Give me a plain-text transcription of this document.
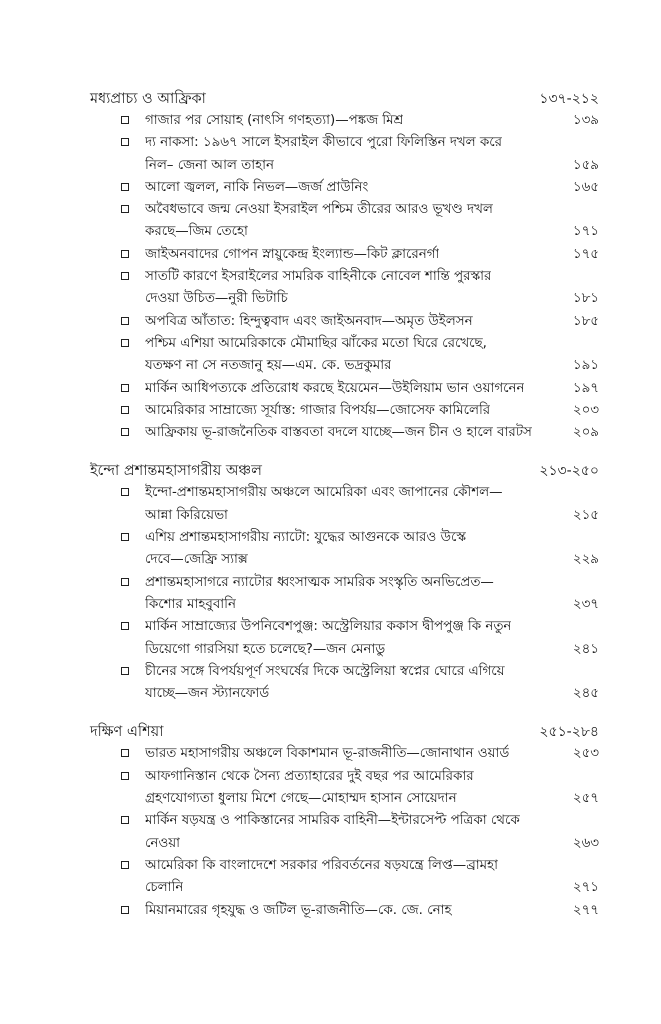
মধ্যপ্রাচ্য ও আফ্রিকা	১৩৭-২১২
গাজার পর সোয়াহ (নাৎসি গণহত্যা)—পঙ্কজ মিশ্র	১৩৯
দ্য নাকসা: ১৯৬৭ সালে ইসরাইল কীভাবে পুরো ফিলিস্তিন দখল করে
নিল– জেনা আল তাহান	১৫৯
আলো জ্বলল, নাকি নিভল—জর্জ প্রাউনিং	১৬৫
অবৈধভাবে জন্ম নেওয়া ইসরাইল পশ্চিম তীরের আরও ভূখণ্ড দখল
করছে—জিম তেহো	১৭১
জাইঅনবাদের গোপন স্নায়ুকেন্দ্র ইংল্যান্ড—কিট ক্লারেনর্গা	১৭৫
সাতটি কারণে ইসরাইলের সামরিক বাহিনীকে নোবেল শান্তি পুরস্কার
দেওয়া উচিত—নুরী ভিটাচি	১৮১
অপবিত্র আঁতাত: হিন্দুত্ববাদ এবং জাইঅনবাদ—অমৃত উইলসন	১৮৫
পশ্চিম এশিয়া আমেরিকাকে মৌমাছির ঝাঁকের মতো ঘিরে রেখেছে,
যতক্ষণ না সে নতজানু হয়—এম. কে. ভদ্রকুমার	১৯১
মার্কিন আধিপত্যকে প্রতিরোধ করছে ইয়েমেন—উইলিয়াম ভান ওয়াগনেন	১৯৭
আমেরিকার সাম্রাজ্যে সূর্যাস্ত: গাজার বিপর্যয়—জোসেফ কামিলেরি	২০৩
আফ্রিকায় ভূ-রাজনৈতিক বাস্তবতা বদলে যাচ্ছে—জন চীন ও হালে বারটস	২০৯
ইন্দো প্রশান্তমহাসাগরীয় অঞ্চল	২১৩-২৫০
ইন্দো-প্রশান্তমহাসাগরীয় অঞ্চলে আমেরিকা এবং জাপানের কৌশল—
আন্না কিরিয়েভা	২১৫
এশিয় প্রশান্তমহাসাগরীয় ন্যাটো: যুদ্ধের আগুনকে আরও উস্কে
দেবে—জেফ্রি স্যাক্স	২২৯
প্রশান্তমহাসাগরে ন্যাটোর ধ্বংসাত্মক সামরিক সংস্কৃতি অনভিপ্রেত—
কিশোর মাহবুবানি	২৩৭
মার্কিন সাম্রাজ্যের উপনিবেশপুঞ্জ: অস্ট্রেলিয়ার ককাস দ্বীপপুঞ্জ কি নতুন
ডিয়েগো গারসিয়া হতে চলেছে?—জন মেনাডু	২৪১
চীনের সঙ্গে বিপর্যয়পূর্ণ সংঘর্ষের দিকে অস্ট্রেলিয়া স্বপ্নের ঘোরে এগিয়ে
যাচ্ছে—জন স্ট্যানফোর্ড	২৪৫
দক্ষিণ এশিয়া	২৫১-২৮৪
ভারত মহাসাগরীয় অঞ্চলে বিকাশমান ভূ-রাজনীতি—জোনাথান ওয়ার্ড	২৫৩
আফগানিস্তান থেকে সৈন্য প্রত্যাহারের দুই বছর পর আমেরিকার
গ্রহণযোগ্যতা ধুলায় মিশে গেছে—মোহাম্মদ হাসান সোয়েদান	২৫৭
মার্কিন ষড়যন্ত্র ও পাকিস্তানের সামরিক বাহিনী—ইন্টারসেপ্ট পত্রিকা থেকে
নেওয়া	২৬৩
আমেরিকা কি বাংলাদেশে সরকার পরিবর্তনের ষড়যন্ত্রে লিপ্ত—ব্রামহা
চেলানি	২৭১
মিয়ানমারের গৃহযুদ্ধ ও জটিল ভূ-রাজনীতি—কে. জে. নোহ	২৭৭
